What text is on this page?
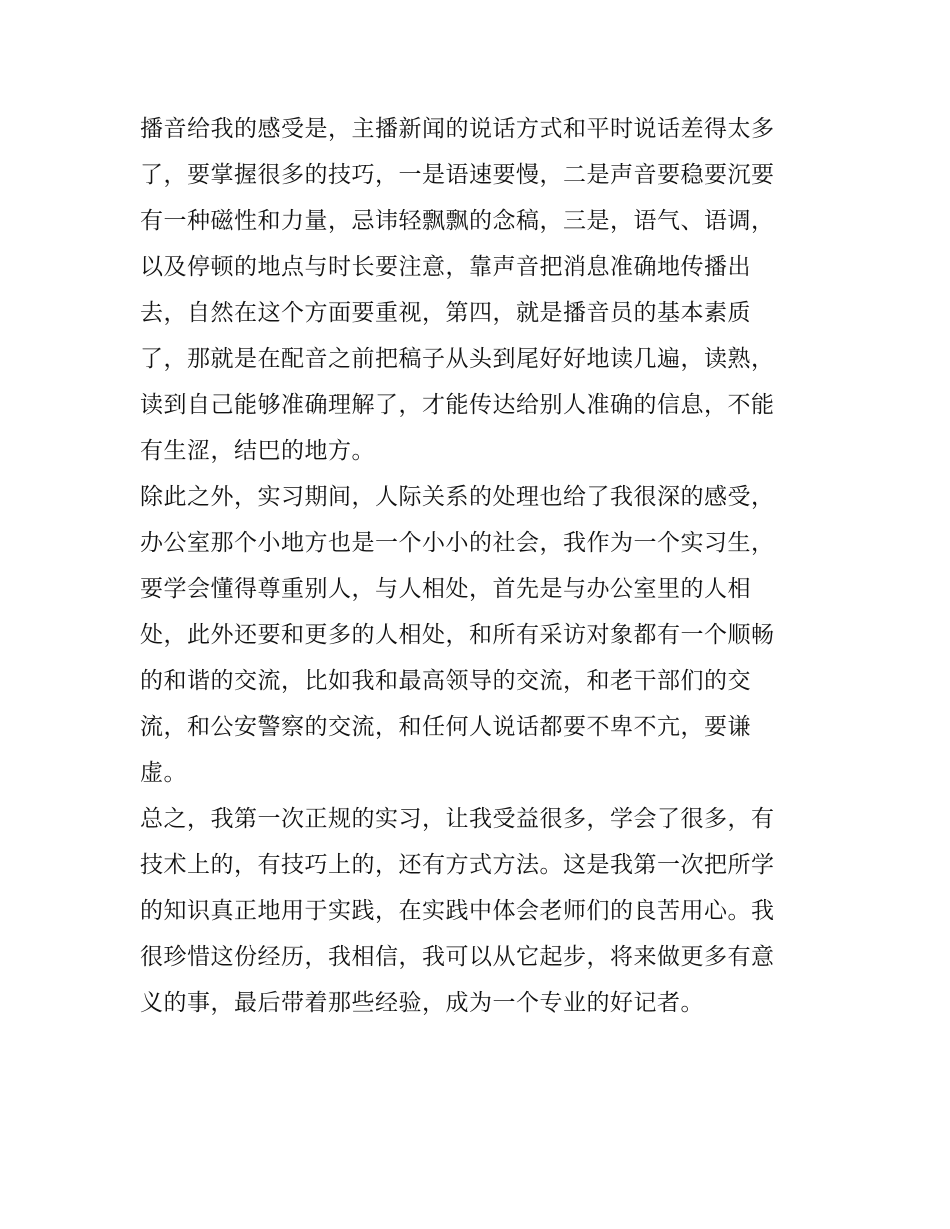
播音给我的感受是，主播新闻的说话方式和平时说话差得太多
了，要掌握很多的技巧，一是语速要慢，二是声音要稳要沉要
有一种磁性和力量，忌讳轻飘飘的念稿，三是，语气、语调，
以及停顿的地点与时长要注意，靠声音把消息准确地传播出
去，自然在这个方面要重视，第四，就是播音员的基本素质
了，那就是在配音之前把稿子从头到尾好好地读几遍，读熟，
读到自己能够准确理解了，才能传达给别人准确的信息，不能
有生涩，结巴的地方。
除此之外，实习期间，人际关系的处理也给了我很深的感受，
办公室那个小地方也是一个小小的社会，我作为一个实习生，
要学会懂得尊重别人，与人相处，首先是与办公室里的人相
处，此外还要和更多的人相处，和所有采访对象都有一个顺畅
的和谐的交流，比如我和最高领导的交流，和老干部们的交
流，和公安警察的交流，和任何人说话都要不卑不亢，要谦
虚。
总之，我第一次正规的实习，让我受益很多，学会了很多，有
技术上的，有技巧上的，还有方式方法。这是我第一次把所学
的知识真正地用于实践，在实践中体会老师们的良苦用心。我
很珍惜这份经历，我相信，我可以从它起步，将来做更多有意
义的事，最后带着那些经验，成为一个专业的好记者。
